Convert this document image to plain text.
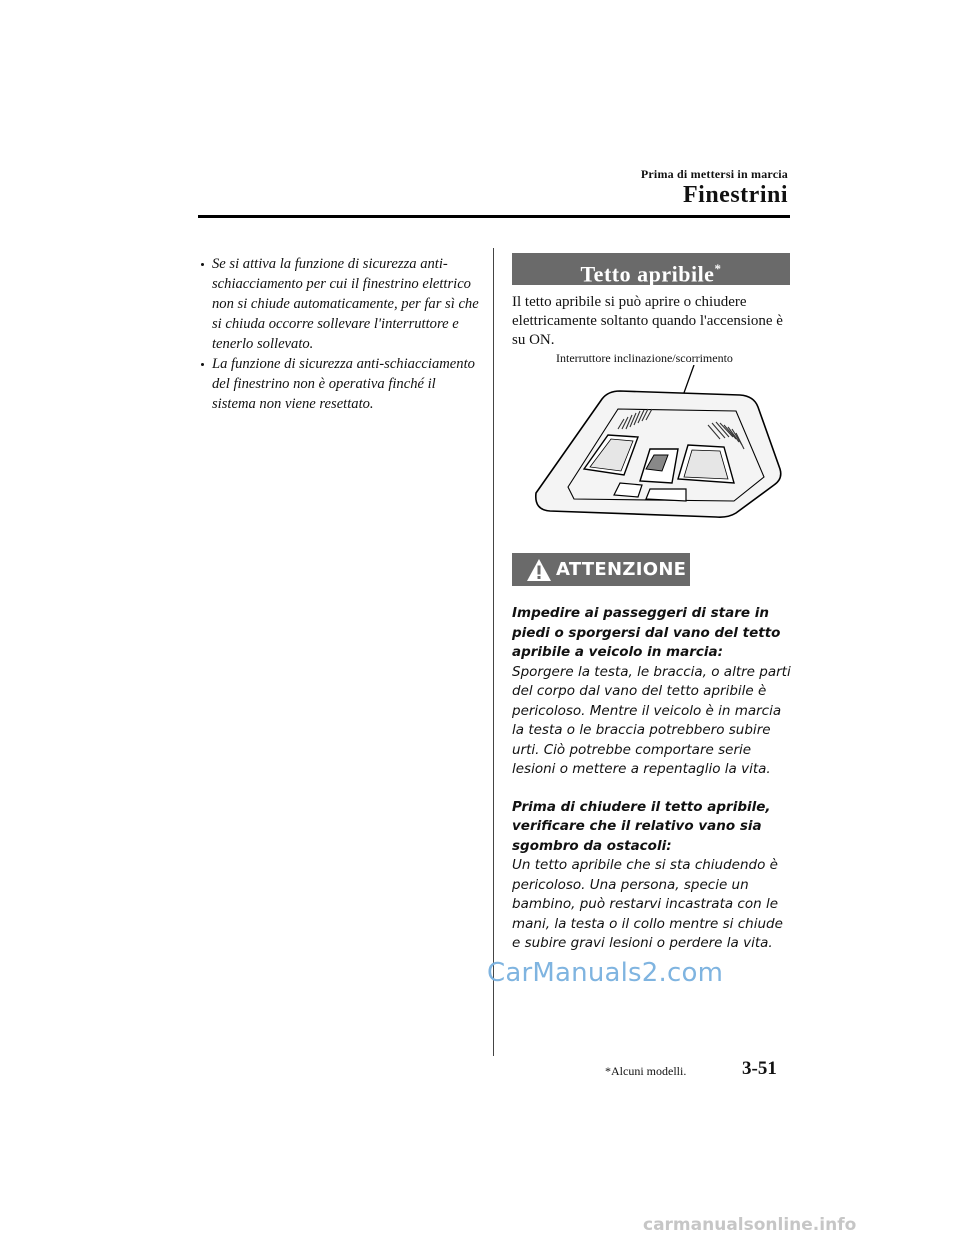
Prima di mettersi in marcia
Finestrini
Se si attiva la funzione di sicurezza anti-schiacciamento per cui il finestrino elettrico non si chiude automaticamente, per far sì che si chiuda occorre sollevare l'interruttore e tenerlo sollevato.
La funzione di sicurezza anti-schiacciamento del finestrino non è operativa finché il sistema non viene resettato.
Tetto apribile*
Il tetto apribile si può aprire o chiudere elettricamente soltanto quando l'accensione è su ON.
Interruttore inclinazione/scorrimento
ATTENZIONE

Impedire ai passeggeri di stare in piedi o sporgersi dal vano del tetto apribile a veicolo in marcia:

Sporgere la testa, le braccia, o altre parti del corpo dal vano del tetto apribile è pericoloso. Mentre il veicolo è in marcia la testa o le braccia potrebbero subire urti. Ciò potrebbe comportare serie lesioni o mettere a repentaglio la vita.

Prima di chiudere il tetto apribile, verificare che il relativo vano sia sgombro da ostacoli:

Un tetto apribile che si sta chiudendo è pericoloso. Una persona, specie un bambino, può restarvi incastrata con le mani, la testa o il collo mentre si chiude e subire gravi lesioni o perdere la vita.

CarManuals2.com
*Alcuni modelli.	3-51
carmanualsonline.info
